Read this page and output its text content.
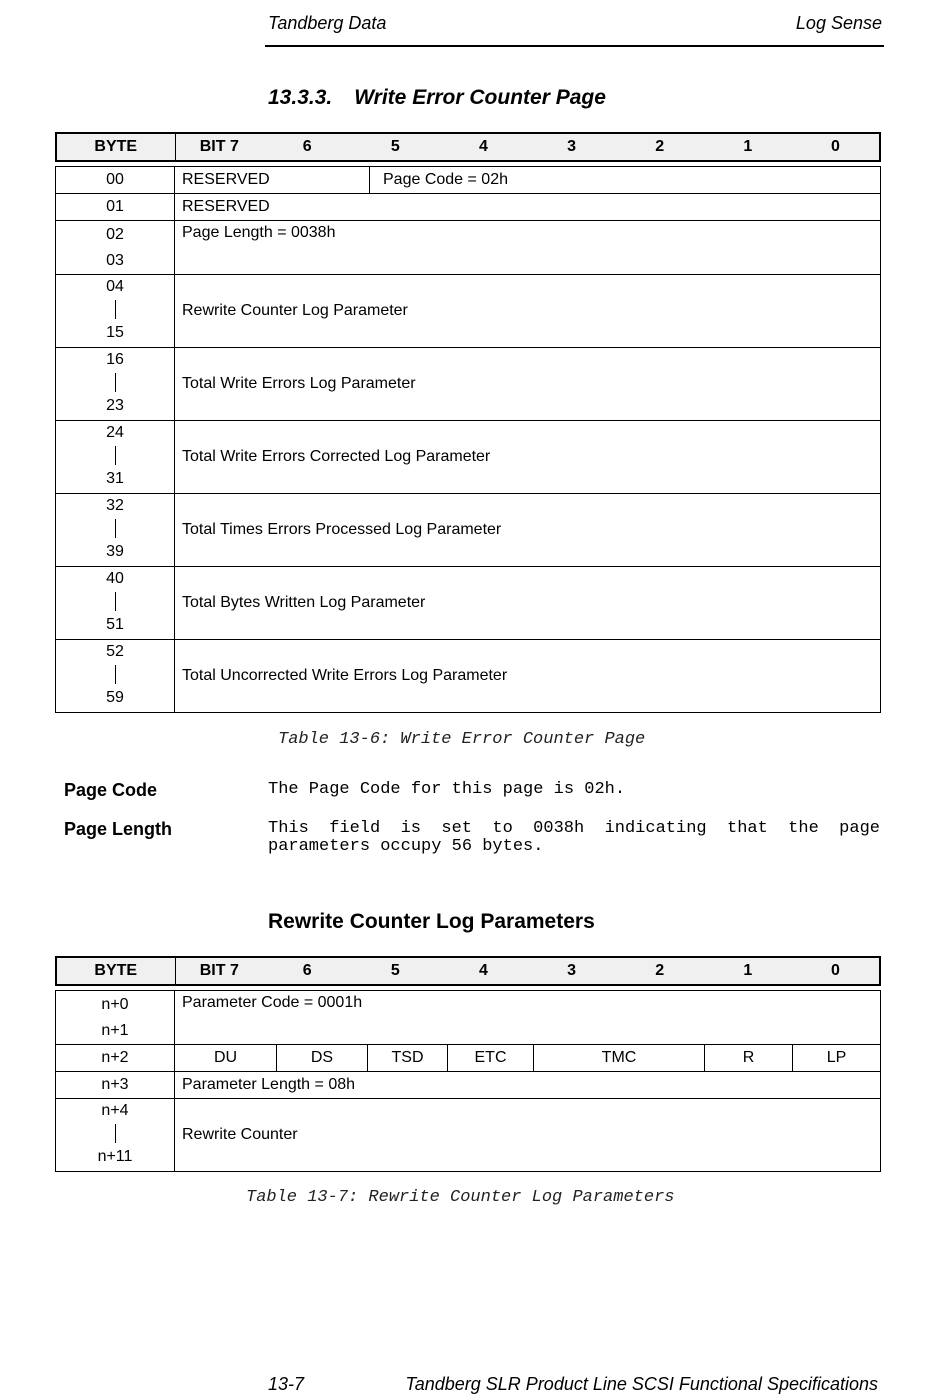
Tandberg Data	Log Sense
13.3.3. Write Error Counter Page
BYTE	BIT 7	6	5	4	3	2	1	0
00	RESERVED	Page Code = 02h
01	RESERVED	

02
03	Page Length = 0038h	

04
15	Rewrite Counter Log Parameter	

16
23	Total Write Errors Log Parameter	

24
31	Total Write Errors Corrected Log Parameter	

32
39	Total Times Errors Processed Log Parameter	

40
51	Total Bytes Written Log Parameter	

52
59	Total Uncorrected Write Errors Log Parameter	
Table 13-6: Write Error Counter Page
Page Code	The Page Code for this page is 02h.
Page Length	This field is set to 0038h indicating that the page parameters occupy 56 bytes.
Rewrite Counter Log Parameters
BYTE	BIT 7	6	5	4	3	2	1	0
n+0
n+1	Parameter Code = 0001h						
n+2	DU	DS	TSD	ETC	TMC	R	LP
n+3	Parameter Length = 08h						

n+4
n+11	Rewrite Counter						
Table 13-7: Rewrite Counter Log Parameters
13-7	Tandberg SLR Product Line SCSI Functional Specifications
